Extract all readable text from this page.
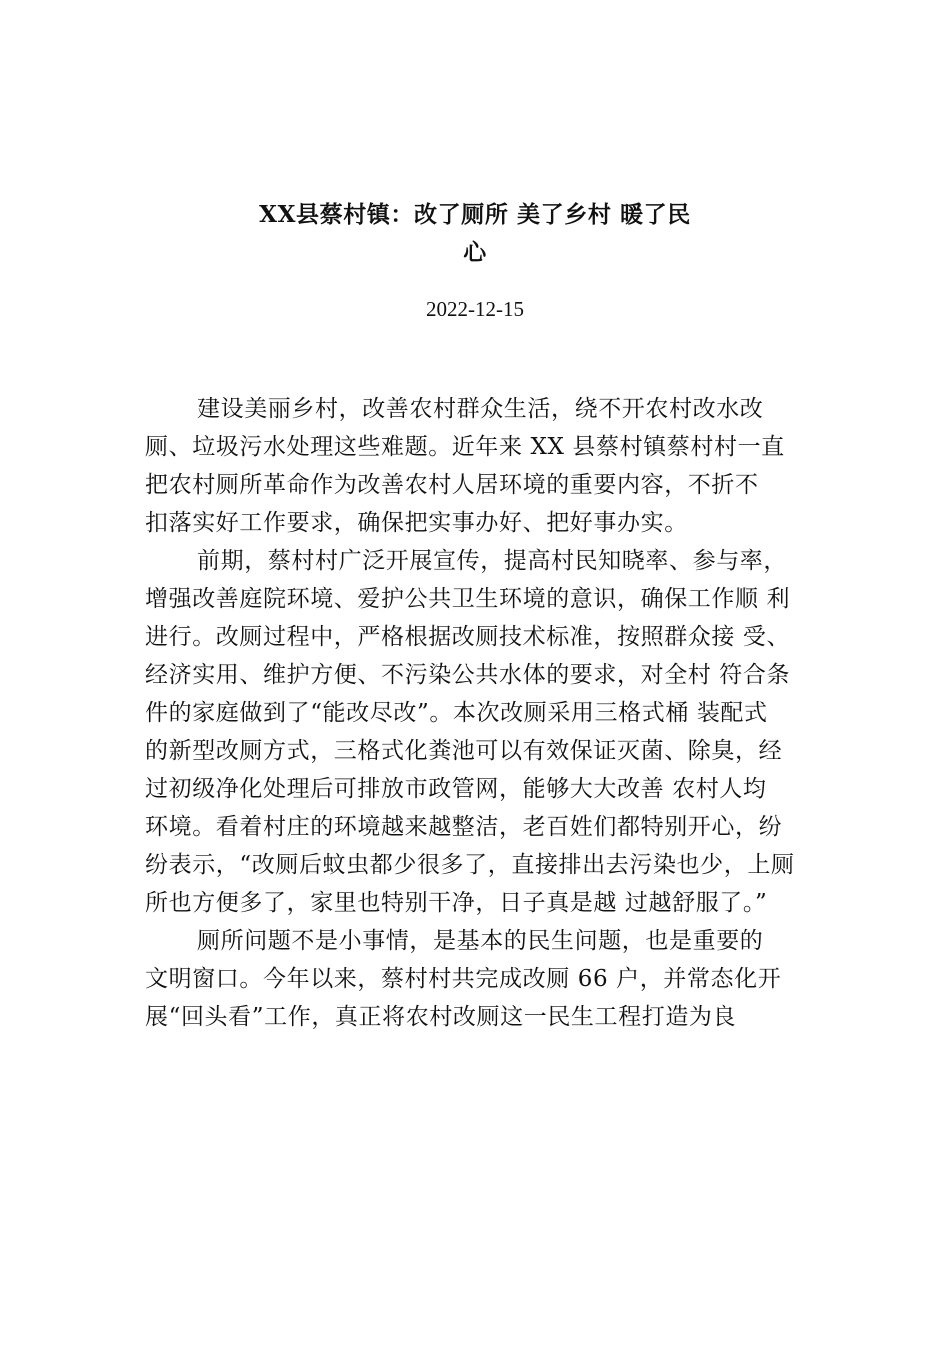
XX县蔡村镇：改了厕所 美了乡村 暖了民
心
2022-12-15

建设美丽乡村，改善农村群众生活，绕不开农村改水改
厕、垃圾污水处理这些难题。近年来 XX 县蔡村镇蔡村村一直
把农村厕所革命作为改善农村人居环境的重要内容，不折不
扣落实好工作要求，确保把实事办好、把好事办实。

前期，蔡村村广泛开展宣传，提高村民知晓率、参与率，
增强改善庭院环境、爱护公共卫生环境的意识，确保工作顺 利
进行。改厕过程中，严格根据改厕技术标准，按照群众接 受、
经济实用、维护方便、不污染公共水体的要求，对全村 符合条
件的家庭做到了“能改尽改”。本次改厕采用三格式桶 装配式
的新型改厕方式，三格式化粪池可以有效保证灭菌、除臭，经
过初级净化处理后可排放市政管网，能够大大改善 农村人均
环境。看着村庄的环境越来越整洁，老百姓们都特别开心，纷
纷表示，“改厕后蚊虫都少很多了，直接排出去污染也少，上厕
所也方便多了，家里也特别干净，日子真是越 过越舒服了。”

厕所问题不是小事情，是基本的民生问题，也是重要的
文明窗口。今年以来，蔡村村共完成改厕 66 户，并常态化开
展“回头看”工作，真正将农村改厕这一民生工程打造为良
